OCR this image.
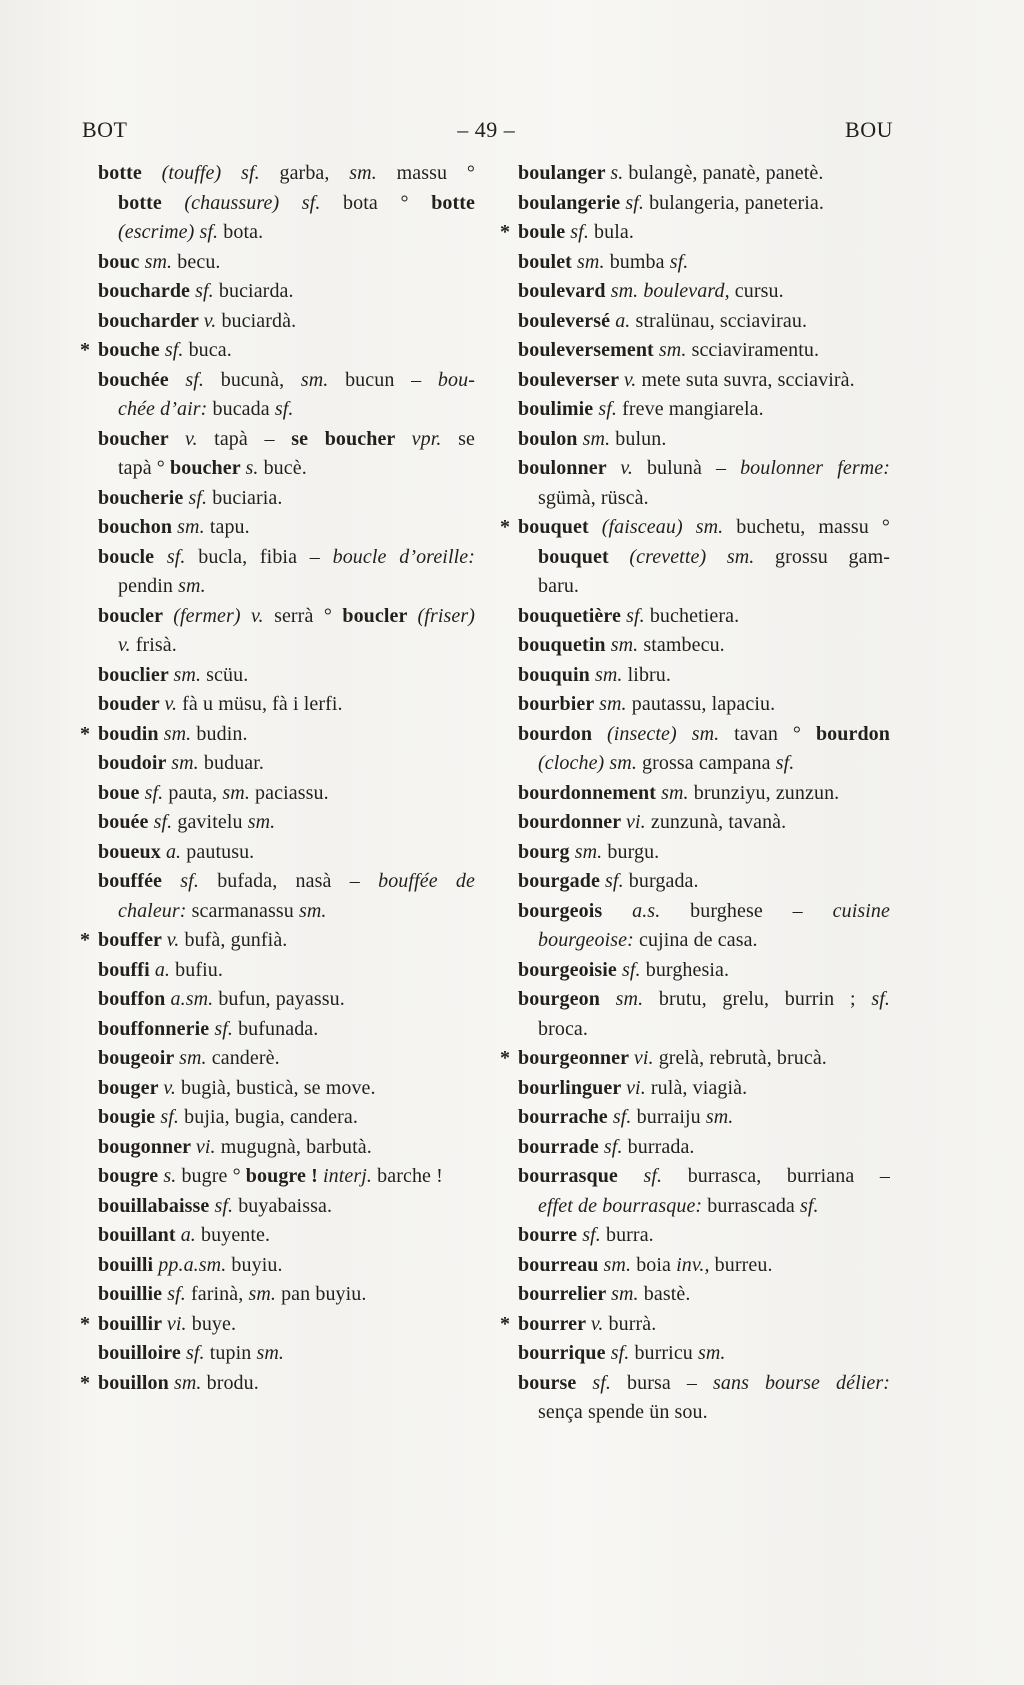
BOT	– 49 –	BOU
botte (touffe) sf. garba, sm. massu °
botte (chaussure) sf. bota ° botte
(escrime) sf. bota.
bouc sm. becu.
boucharde sf. buciarda.
boucharder v. buciardà.
* bouche sf. buca.
bouchée sf. bucunà, sm. bucun – bou-
chée d’air: bucada sf.
boucher v. tapà – se boucher vpr. se
tapà ° boucher s. bucè.
boucherie sf. buciaria.
bouchon sm. tapu.
boucle sf. bucla, fibia – boucle d’oreille:
pendin sm.
boucler (fermer) v. serrà ° boucler (friser)
v. frisà.
bouclier sm. scüu.
bouder v. fà u müsu, fà i lerfi.
* boudin sm. budin.
boudoir sm. buduar.
boue sf. pauta, sm. paciassu.
bouée sf. gavitelu sm.
boueux a. pautusu.
bouffée sf. bufada, nasà – bouffée de
chaleur: scarmanassu sm.
* bouffer v. bufà, gunfià.
bouffi a. bufiu.
bouffon a.sm. bufun, payassu.
bouffonnerie sf. bufunada.
bougeoir sm. canderè.
bouger v. bugià, busticà, se move.
bougie sf. bujia, bugia, candera.
bougonner vi. mugugnà, barbutà.
bougre s. bugre ° bougre ! interj. barche !
bouillabaisse sf. buyabaissa.
bouillant a. buyente.
bouilli pp.a.sm. buyiu.
bouillie sf. farinà, sm. pan buyiu.
* bouillir vi. buye.
bouilloire sf. tupin sm.
* bouillon sm. brodu.
boulanger s. bulangè, panatè, panetè.
boulangerie sf. bulangeria, paneteria.
* boule sf. bula.
boulet sm. bumba sf.
boulevard sm. boulevard, cursu.
bouleversé a. stralünau, scciavirau.
bouleversement sm. scciaviramentu.
bouleverser v. mete suta suvra, scciavirà.
boulimie sf. freve mangiarela.
boulon sm. bulun.
boulonner v. bulunà – boulonner ferme:
sgümà, rüscà.
* bouquet (faisceau) sm. buchetu, massu °
bouquet (crevette) sm. grossu gam-
baru.
bouquetière sf. buchetiera.
bouquetin sm. stambecu.
bouquin sm. libru.
bourbier sm. pautassu, lapaciu.
bourdon (insecte) sm. tavan ° bourdon
(cloche) sm. grossa campana sf.
bourdonnement sm. brunziyu, zunzun.
bourdonner vi. zunzunà, tavanà.
bourg sm. burgu.
bourgade sf. burgada.
bourgeois a.s. burghese – cuisine
bourgeoise: cujina de casa.
bourgeoisie sf. burghesia.
bourgeon sm. brutu, grelu, burrin ; sf.
broca.
* bourgeonner vi. grelà, rebrutà, brucà.
bourlinguer vi. rulà, viagià.
bourrache sf. burraiju sm.
bourrade sf. burrada.
bourrasque sf. burrasca, burriana –
effet de bourrasque: burrascada sf.
bourre sf. burra.
bourreau sm. boia inv., burreu.
bourrelier sm. bastè.
* bourrer v. burrà.
bourrique sf. burricu sm.
bourse sf. bursa – sans bourse délier:
sença spende ün sou.
